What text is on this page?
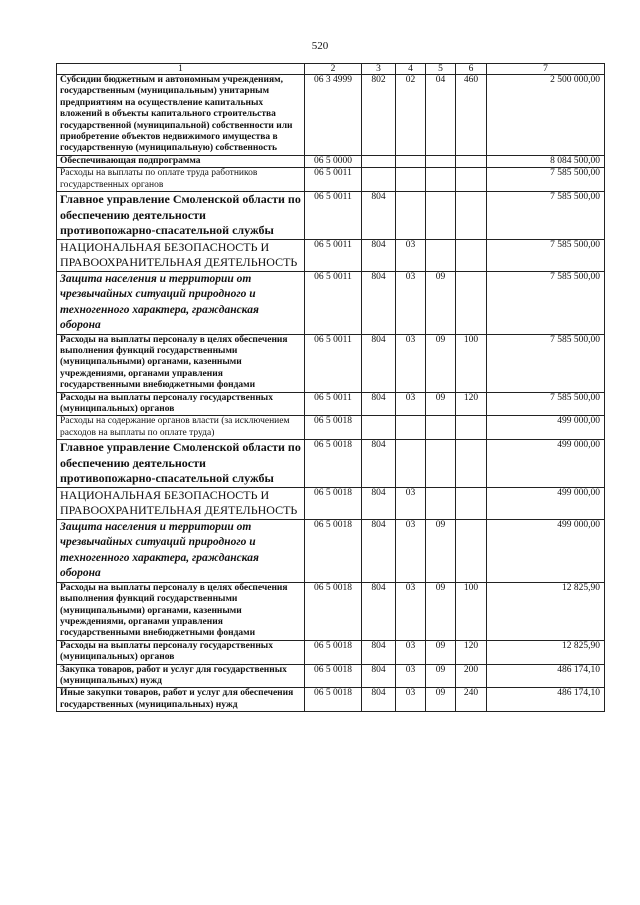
520
1	2	3	4	5	6	7
Субсидии бюджетным и автономным учреждениям, государственным (муниципальным) унитарным предприятиям на осуществление капитальных вложений в объекты капитального строительства государственной (муниципальной) собственности или приобретение объектов недвижимого имущества в государственную (муниципальную) собственность	06 3 4999	802	02	04	460	2 500 000,00
Обеспечивающая подпрограмма	06 5 0000					8 084 500,00
Расходы на выплаты по оплате труда работников государственных органов	06 5 0011					7 585 500,00
Главное управление Смоленской области по обеспечению деятельности противопожарно-спасательной службы	06 5 0011	804				7 585 500,00
НАЦИОНАЛЬНАЯ БЕЗОПАСНОСТЬ И ПРАВООХРАНИТЕЛЬНАЯ ДЕЯТЕЛЬНОСТЬ	06 5 0011	804	03			7 585 500,00
Защита населения и территории от чрезвычайных ситуаций природного и техногенного характера, гражданская оборона	06 5 0011	804	03	09		7 585 500,00
Расходы на выплаты персоналу в целях обеспечения выполнения функций государственными (муниципальными) органами, казенными учреждениями, органами управления государственными внебюджетными фондами	06 5 0011	804	03	09	100	7 585 500,00
Расходы на выплаты персоналу государственных (муниципальных) органов	06 5 0011	804	03	09	120	7 585 500,00
Расходы на содержание органов власти (за исключением расходов на выплаты по оплате труда)	06 5 0018					499 000,00
Главное управление Смоленской области по обеспечению деятельности противопожарно-спасательной службы	06 5 0018	804				499 000,00
НАЦИОНАЛЬНАЯ БЕЗОПАСНОСТЬ И ПРАВООХРАНИТЕЛЬНАЯ ДЕЯТЕЛЬНОСТЬ	06 5 0018	804	03			499 000,00
Защита населения и территории от чрезвычайных ситуаций природного и техногенного характера, гражданская оборона	06 5 0018	804	03	09		499 000,00
Расходы на выплаты персоналу в целях обеспечения выполнения функций государственными (муниципальными) органами, казенными учреждениями, органами управления государственными внебюджетными фондами	06 5 0018	804	03	09	100	12 825,90
Расходы на выплаты персоналу государственных (муниципальных) органов	06 5 0018	804	03	09	120	12 825,90
Закупка товаров, работ и услуг для государственных (муниципальных) нужд	06 5 0018	804	03	09	200	486 174,10
Иные закупки товаров, работ и услуг для обеспечения государственных (муниципальных) нужд	06 5 0018	804	03	09	240	486 174,10
